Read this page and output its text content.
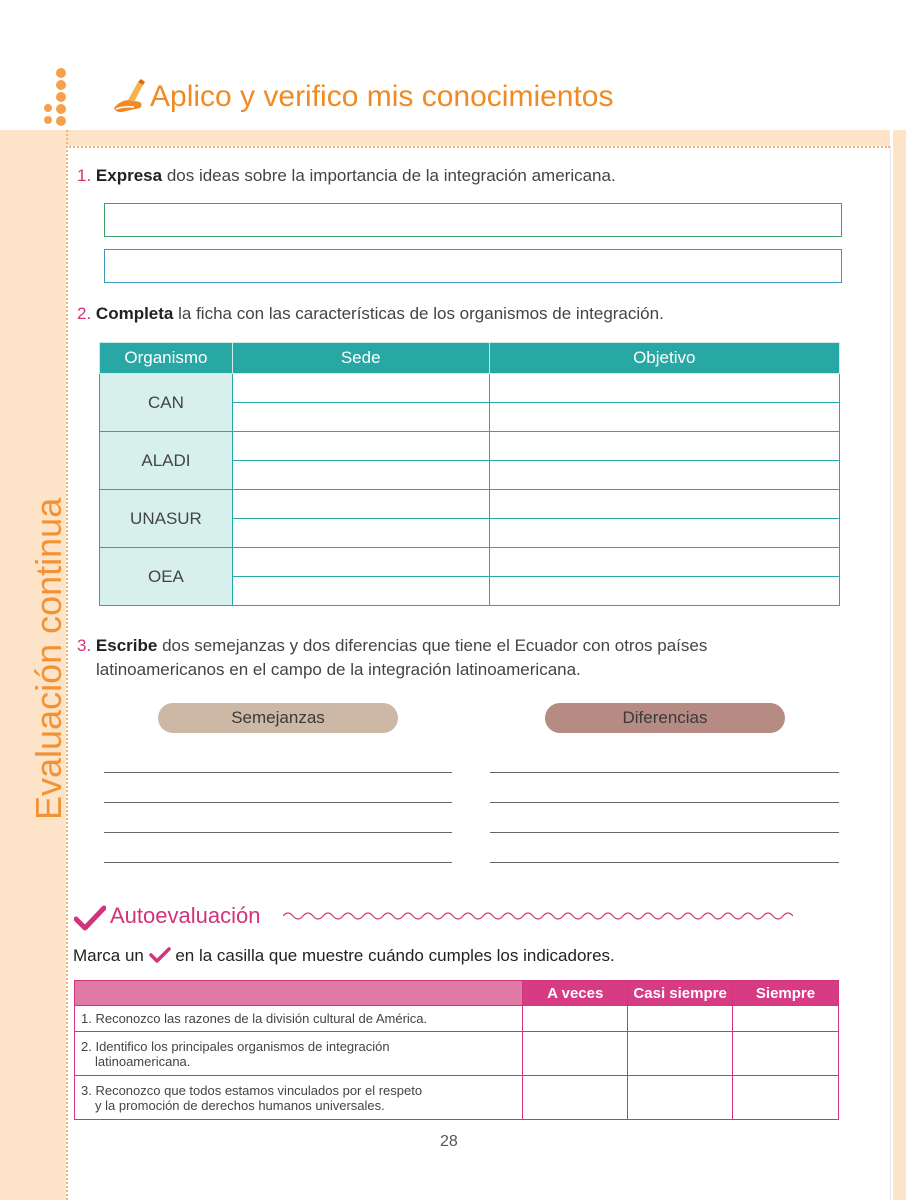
Aplico y verifico mis conocimientos
Evaluación continua
1. Expresa dos ideas sobre la importancia de la integración americana.
2. Completa la ficha con las características de los organismos de integración.
Organismo	Sede	Objetivo
CAN		

ALADI		

UNASUR		

OEA		

3. Escribe dos semejanzas y dos diferencias que tiene el Ecuador con otros países
latinoamericanos en el campo de la integración latinoamericana.
Semejanzas	Diferencias
Autoevaluación
Marca un en la casilla que muestre cuándo cumples los indicadores.
	A veces	Casi siempre	Siempre
1. Reconozco las razones de la división cultural de América.			

2. Identifico los principales organismos de integración
latinoamericana.			

3. Reconozco que todos estamos vinculados por el respeto
y la promoción de derechos humanos universales.			

28
